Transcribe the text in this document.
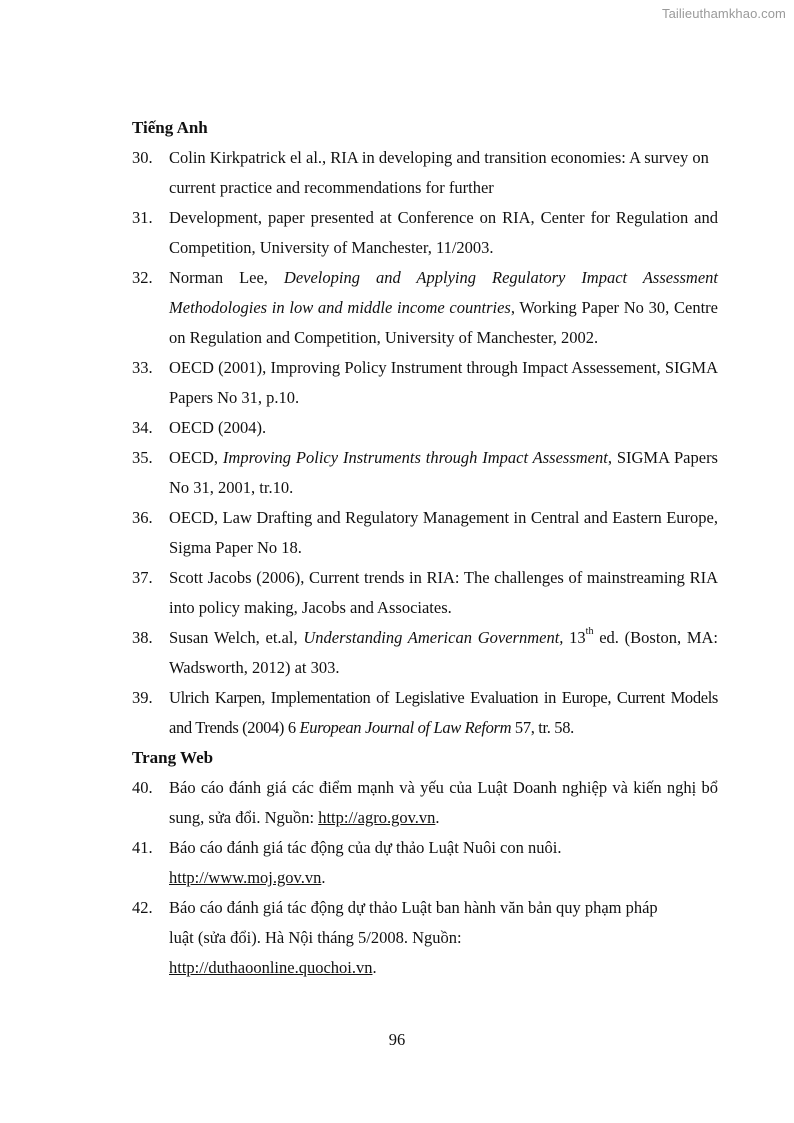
Tailieuthamkhao.com
Tiếng Anh
30. Colin Kirkpatrick el al., RIA in developing and transition economies: A survey on current practice and recommendations for further
31. Development, paper presented at Conference on RIA, Center for Regulation and Competition, University of Manchester, 11/2003.
32. Norman Lee, Developing and Applying Regulatory Impact Assessment Methodologies in low and middle income countries, Working Paper No 30, Centre on Regulation and Competition, University of Manchester, 2002.
33. OECD (2001), Improving Policy Instrument through Impact Assessement, SIGMA Papers No 31, p.10.
34. OECD (2004).
35. OECD, Improving Policy Instruments through Impact Assessment, SIGMA Papers No 31, 2001, tr.10.
36. OECD, Law Drafting and Regulatory Management in Central and Eastern Europe, Sigma Paper No 18.
37. Scott Jacobs (2006), Current trends in RIA: The challenges of mainstreaming RIA into policy making, Jacobs and Associates.
38. Susan Welch, et.al, Understanding American Government, 13th ed. (Boston, MA: Wadsworth, 2012) at 303.
39. Ulrich Karpen, Implementation of Legislative Evaluation in Europe, Current Models and Trends (2004) 6 European Journal of Law Reform 57, tr. 58.
Trang Web
40. Báo cáo đánh giá các điểm mạnh và yếu của Luật Doanh nghiệp và kiến nghị bổ sung, sửa đổi. Nguồn: http://agro.gov.vn.
41. Báo cáo đánh giá tác động của dự thảo Luật Nuôi con nuôi.
http://www.moj.gov.vn.
42. Báo cáo đánh giá tác động dự thảo Luật ban hành văn bản quy phạm pháp luật (sửa đổi). Hà Nội tháng 5/2008. Nguồn:
http://duthaoonline.quochoi.vn.
96
